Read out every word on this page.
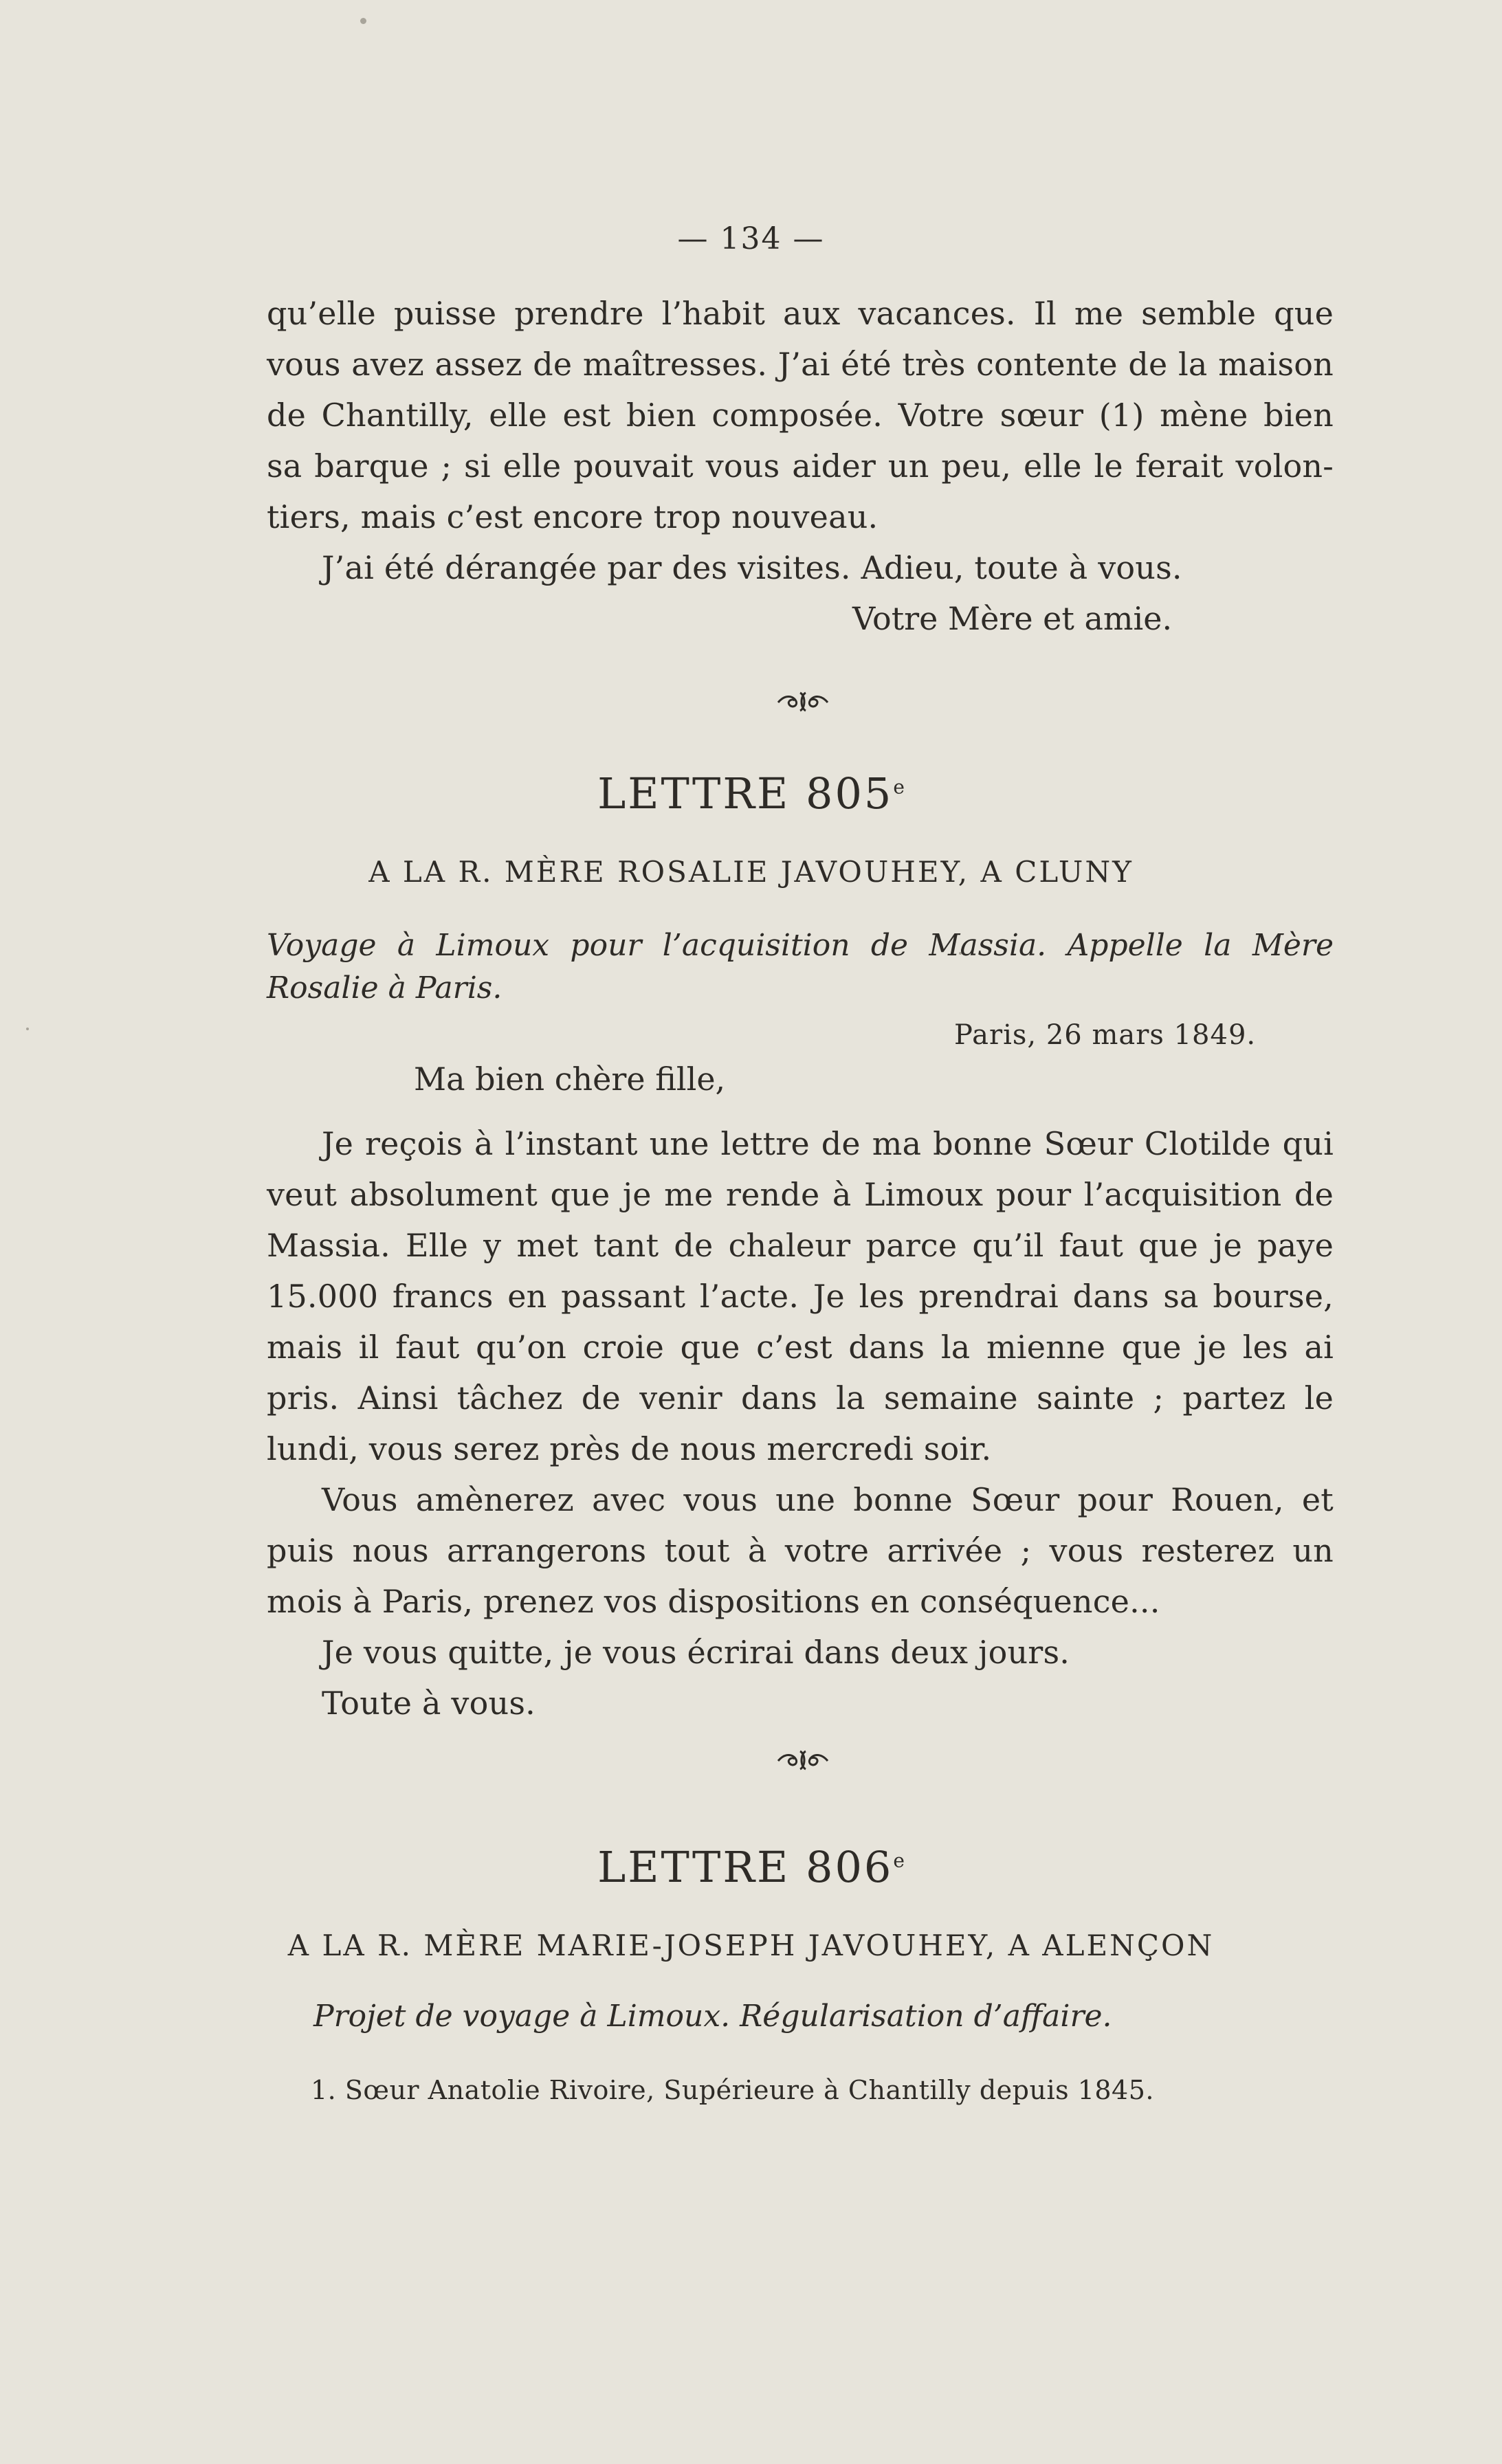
— 134 —
qu’elle puisse prendre l’habit aux vacances. Il me semble que
vous avez assez de maîtresses. J’ai été très contente de la maison
de Chantilly, elle est bien composée. Votre sœur (1) mène bien
sa barque ; si elle pouvait vous aider un peu, elle le ferait volon-
tiers, mais c’est encore trop nouveau.
J’ai été dérangée par des visites. Adieu, toute à vous.
Votre Mère et amie.
LETTRE 805e
A LA R. MÈRE ROSALIE JAVOUHEY, A CLUNY
Voyage à Limoux pour l’acquisition de Massia. Appelle la Mère
Rosalie à Paris.
Paris, 26 mars 1849.
Ma bien chère fille,
Je reçois à l’instant une lettre de ma bonne Sœur Clotilde qui
veut absolument que je me rende à Limoux pour l’acquisition de
Massia. Elle y met tant de chaleur parce qu’il faut que je paye
15.000 francs en passant l’acte. Je les prendrai dans sa bourse,
mais il faut qu’on croie que c’est dans la mienne que je les ai
pris. Ainsi tâchez de venir dans la semaine sainte ; partez le
lundi, vous serez près de nous mercredi soir.
Vous amènerez avec vous une bonne Sœur pour Rouen, et
puis nous arrangerons tout à votre arrivée ; vous resterez un
mois à Paris, prenez vos dispositions en conséquence...
Je vous quitte, je vous écrirai dans deux jours.
Toute à vous.
LETTRE 806e
A LA R. MÈRE MARIE-JOSEPH JAVOUHEY, A ALENÇON
Projet de voyage à Limoux. Régularisation d’affaire.
1. Sœur Anatolie Rivoire, Supérieure à Chantilly depuis 1845.
